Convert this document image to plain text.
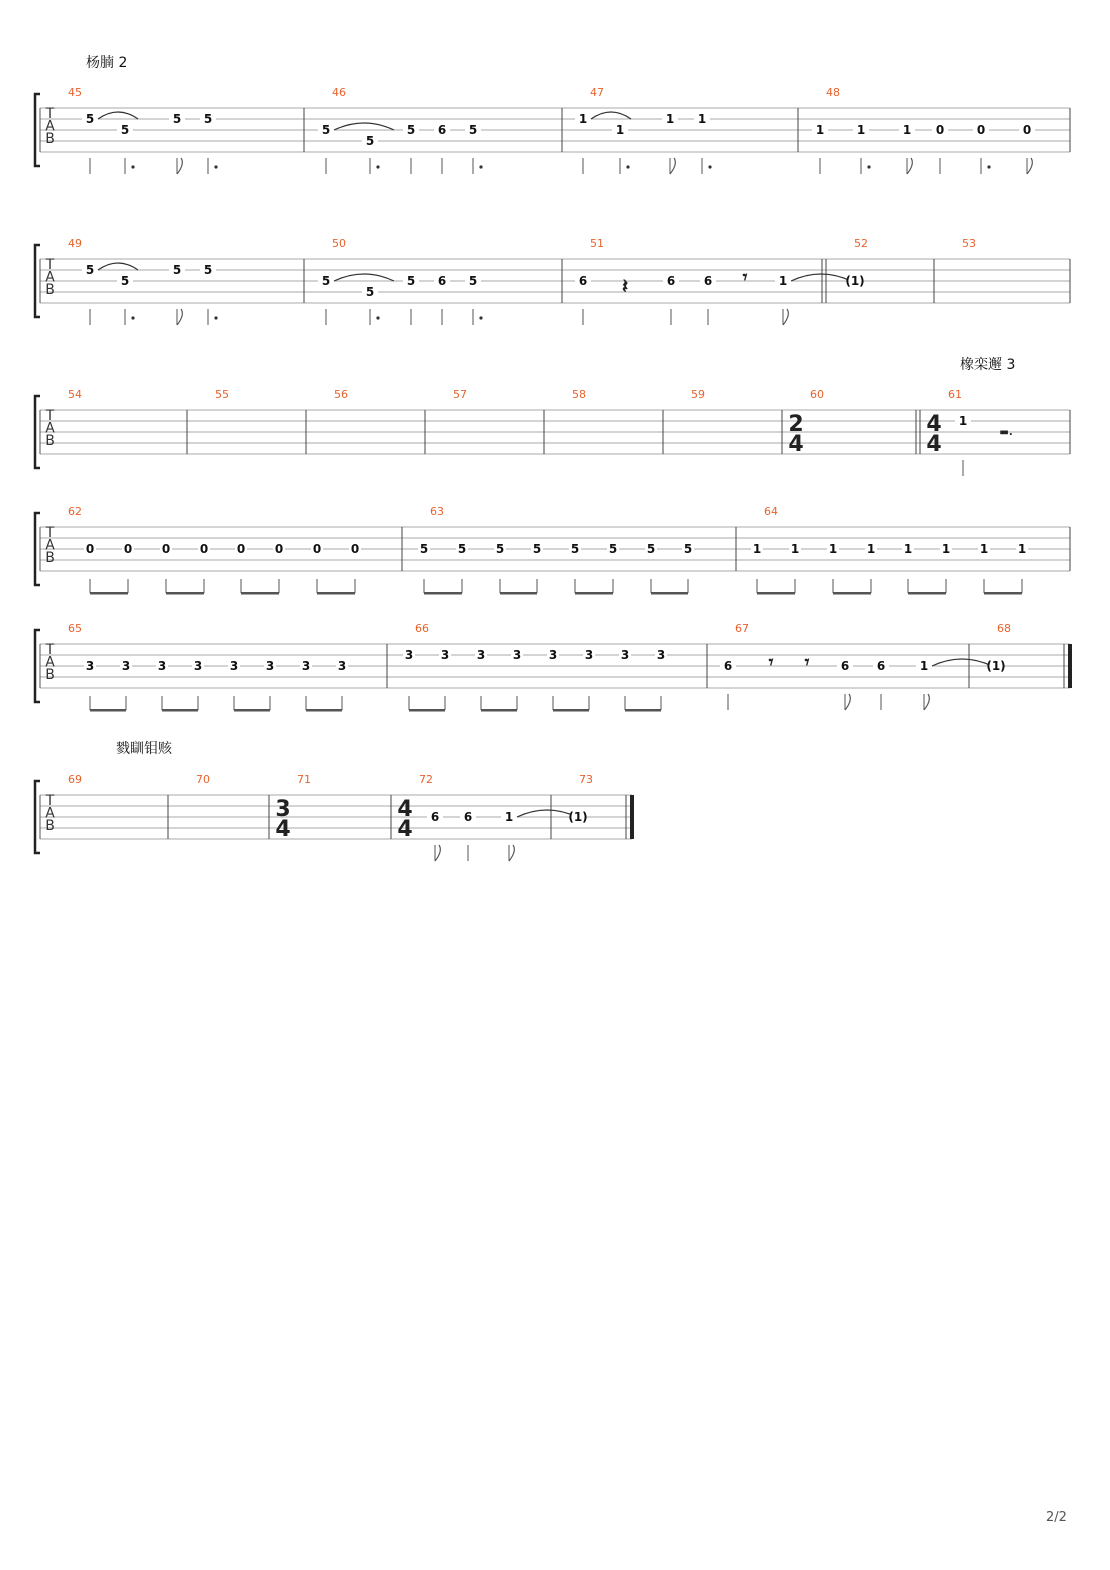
T
A
B
杨腩 2
45
5
5
5 5
46
5
5
5 6 5
47
1
1
1 1
48
1	1	1 0	0	0
T
A
B
49
5
5
5 5
50
5
5
5 6 5
51
6 𝄽	6 6 𝄾	1
52
(1)
53
T
A
B
橡栾邂 3
54	55	56	57	58	59	60
2
4
61
4
4
1
▬.
T
A
B
62
0 0 0 0 0 0 0 0
63
5 5 5 5 5 5 5 5
64
1 1 1 1 1 1 1 1
T
A
B
65
3 3 3 3 3 3 3 3
66
3 3 3 3 3 3 3 3
67
6 𝄾 𝄾	6 6	1
68
(1)
T
A
B
戮瞓钼赅
69	70	71
3
4
72
4
4 6 6	1
73
(1)
2/2
